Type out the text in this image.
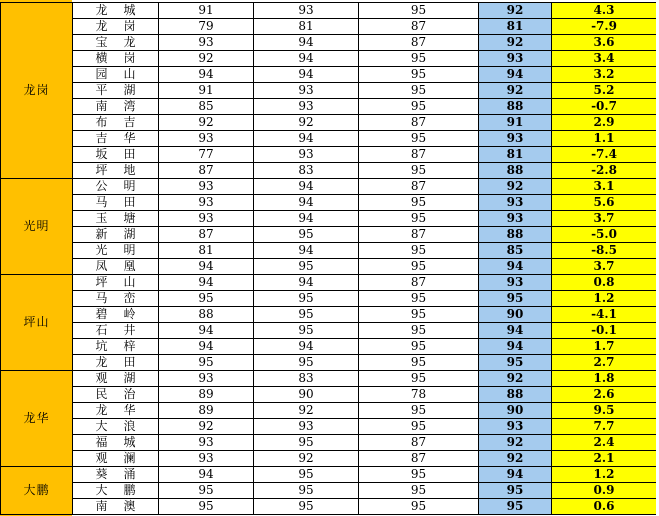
龙岗	龙 城	91	93	95	92	4.3

	龙 岗	79	81	87	81	-7.9

	宝 龙	93	94	87	92	3.6

	横 岗	92	94	95	93	3.4

	园 山	94	94	95	94	3.2

	平 湖	91	93	95	92	5.2

	南 湾	85	93	95	88	-0.7

	布 吉	92	92	87	91	2.9

	吉 华	93	94	95	93	1.1

	坂 田	77	93	87	81	-7.4

	坪 地	87	83	95	88	-2.8
光明	公 明	93	94	87	92	3.1

	马 田	93	94	95	93	5.6

	玉 塘	93	94	95	93	3.7

	新 湖	87	95	87	88	-5.0

	光 明	81	94	95	85	-8.5

	凤 凰	94	95	95	94	3.7
坪山	坪 山	94	94	87	93	0.8

	马 峦	95	95	95	95	1.2

	碧 岭	88	95	95	90	-4.1

	石 井	94	95	95	94	-0.1

	坑 梓	94	94	95	94	1.7

	龙 田	95	95	95	95	2.7
龙华	观 湖	93	83	95	92	1.8

	民 治	89	90	78	88	2.6

	龙 华	89	92	95	90	9.5

	大 浪	92	93	95	93	7.7

	福 城	93	95	87	92	2.4

	观 澜	93	92	87	92	2.1
大鹏	葵 涌	94	95	95	94	1.2

	大 鹏	95	95	95	95	0.9

	南 澳	95	95	95	95	0.6
